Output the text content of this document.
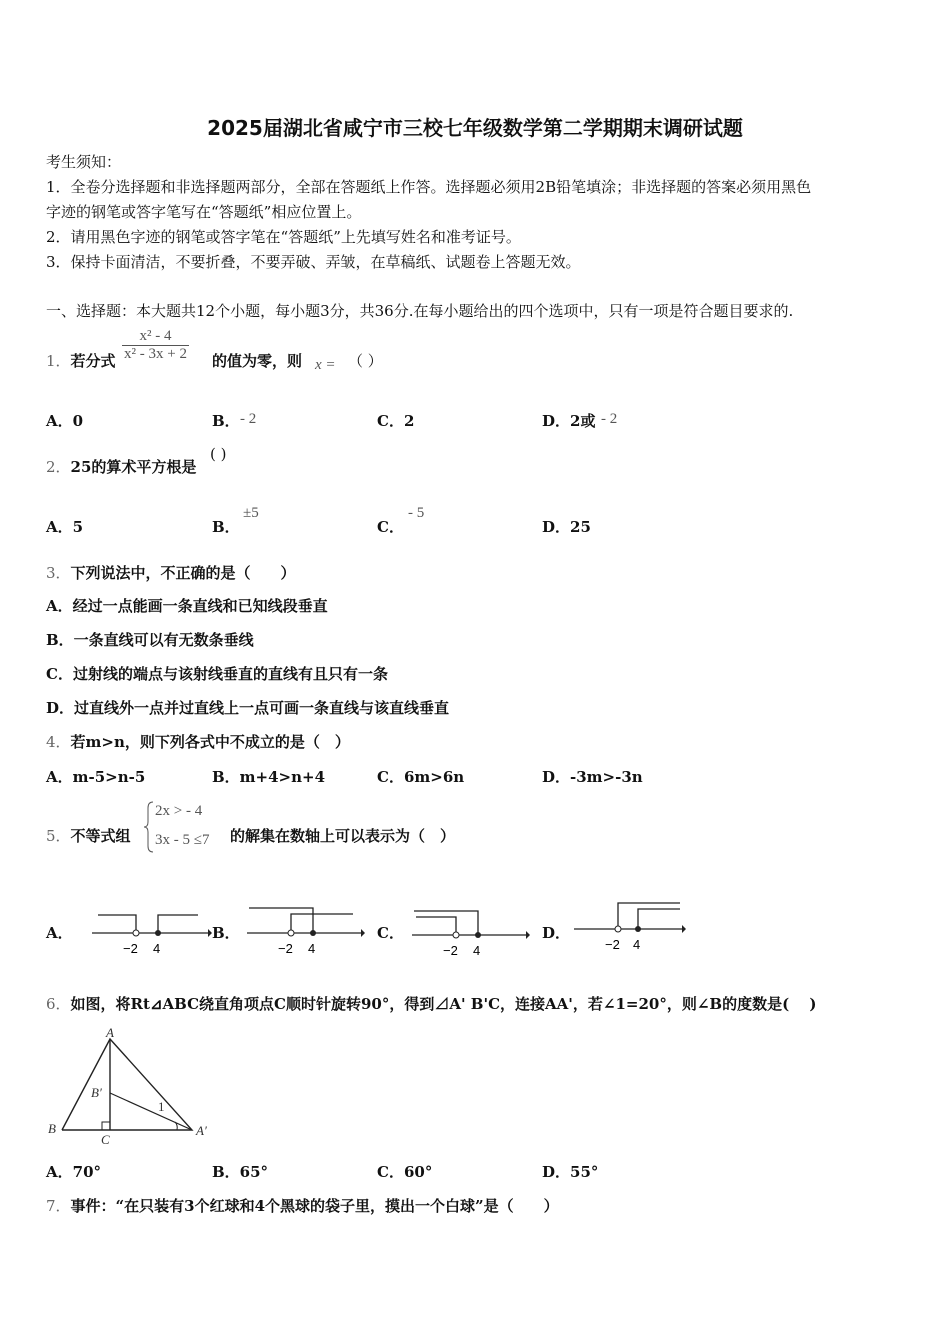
2025届湖北省咸宁市三校七年级数学第二学期期末调研试题
考生须知：
1．全卷分选择题和非选择题两部分，全部在答题纸上作答。选择题必须用2B铅笔填涂；非选择题的答案必须用黑色
字迹的钢笔或答字笔写在“答题纸”相应位置上。
2．请用黑色字迹的钢笔或答字笔在“答题纸”上先填写姓名和准考证号。
3．保持卡面清洁，不要折叠，不要弄破、弄皱，在草稿纸、试题卷上答题无效。
一、选择题：本大题共12个小题，每小题3分，共36分.在每小题给出的四个选项中，只有一项是符合题目要求的.
1．若分式 $\frac{\text{x² - 4}}{\text{x² - 3x + 2}}$ 的值为零，则 x = （ ）
A．0	B． - 2	C．2	D．2或 - 2
2．25的算术平方根是
( )
A．5	B．
±5
C．
- 5
D．25
3．下列说法中，不正确的是（　　）
A．经过一点能画一条直线和已知线段垂直
B．一条直线可以有无数条垂线
C．过射线的端点与该射线垂直的直线有且只有一条
D．过直线外一点并过直线上一点可画一条直线与该直线垂直
4．若m>n，则下列各式中不成立的是（　）
A．m-5>n-5	B．m+4>n+4	C．6m>6n	D．-3m>-3n
5．不等式组
2x > - 4
3x - 5 ≤7 的解集在数轴上可以表示为（　）
A．
−2 4
B．
−2 4
C．
−2 4
D．
−2 4
6．如图，将Rt⊿ABC绕直角项点C顺时针旋转90°，得到⊿A' B'C，连接AA'，若∠1=20°，则∠B的度数是(　 )
A
B
B′
C
A′
1
A．70°	B．65°	C．60°	D．55°
7．事件：“在只装有3个红球和4个黑球的袋子里，摸出一个白球”是（　　）
